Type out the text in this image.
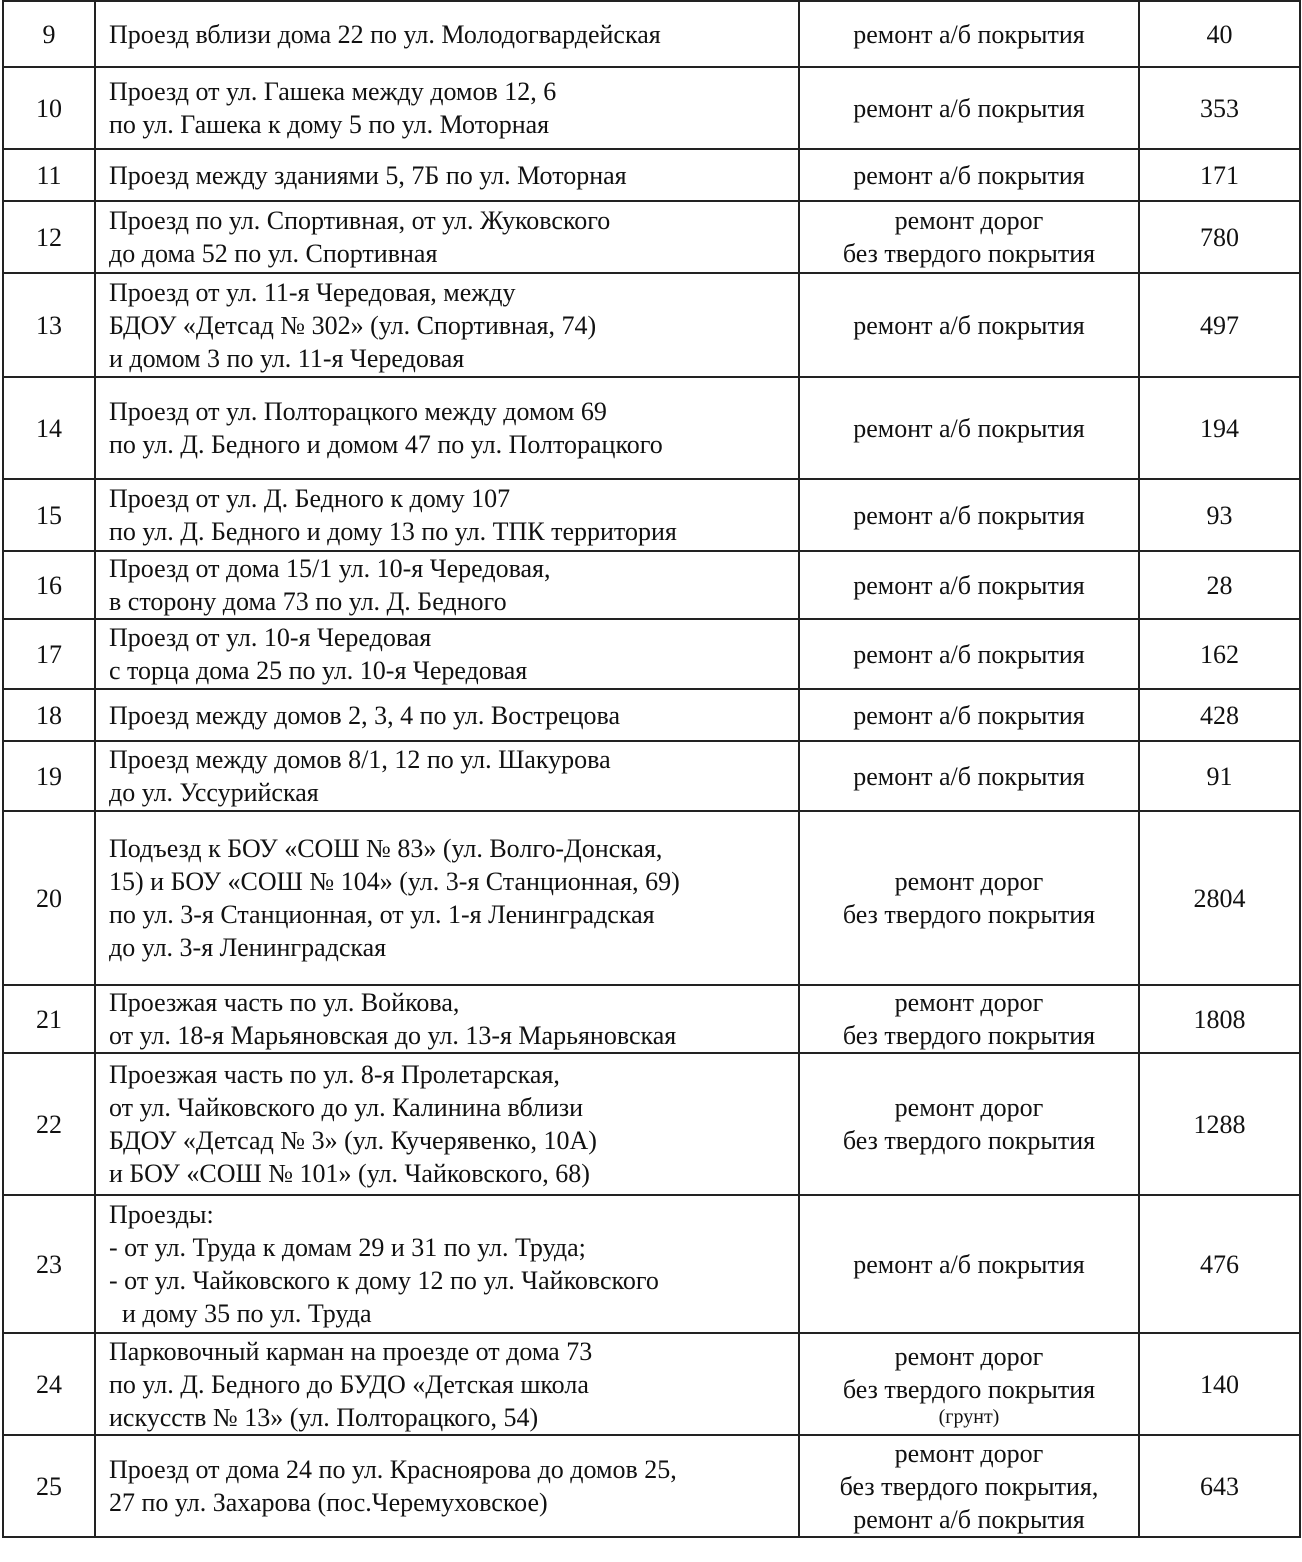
9	Проезд вблизи дома 22 по ул. Молодогвардейская	ремонт а/б покрытия	40
10	Проезд от ул. Гашека между домов 12, 6
по ул. Гашека к дому 5 по ул. Моторная	ремонт а/б покрытия	353
11	Проезд между зданиями 5, 7Б по ул. Моторная	ремонт а/б покрытия	171
12	Проезд по ул. Спортивная, от ул. Жуковского
до дома 52 по ул. Спортивная	ремонт дорог
без твердого покрытия	780
13	Проезд от ул. 11-я Чередовая, между
БДОУ «Детсад № 302» (ул. Спортивная, 74)
и домом 3 по ул. 11-я Чередовая	ремонт а/б покрытия	497
14	Проезд от ул. Полторацкого между домом 69
по ул. Д. Бедного и домом 47 по ул. Полторацкого	ремонт а/б покрытия	194
15	Проезд от ул. Д. Бедного к дому 107
по ул. Д. Бедного и дому 13 по ул. ТПК территория	ремонт а/б покрытия	93
16	Проезд от дома 15/1 ул. 10-я Чередовая,
в сторону дома 73 по ул. Д. Бедного	ремонт а/б покрытия	28
17	Проезд от ул. 10-я Чередовая
с торца дома 25 по ул. 10-я Чередовая	ремонт а/б покрытия	162
18	Проезд между домов 2, 3, 4 по ул. Вострецова	ремонт а/б покрытия	428
19	Проезд между домов 8/1, 12 по ул. Шакурова
до ул. Уссурийская	ремонт а/б покрытия	91
20	Подъезд к БОУ «СОШ № 83» (ул. Волго-Донская,
15) и БОУ «СОШ № 104» (ул. 3-я Станционная, 69)
по ул. 3-я Станционная, от ул. 1-я Ленинградская
до ул. 3-я Ленинградская	ремонт дорог
без твердого покрытия	2804
21	Проезжая часть по ул. Войкова,
от ул. 18-я Марьяновская до ул. 13-я Марьяновская	ремонт дорог
без твердого покрытия	1808
22	Проезжая часть по ул. 8-я Пролетарская,
от ул. Чайковского до ул. Калинина вблизи
БДОУ «Детсад № 3» (ул. Кучерявенко, 10А)
и БОУ «СОШ № 101» (ул. Чайковского, 68)	ремонт дорог
без твердого покрытия	1288
23	Проезды:
- от ул. Труда к домам 29 и 31 по ул. Труда;
- от ул. Чайковского к дому 12 по ул. Чайковского
и дому 35 по ул. Труда	ремонт а/б покрытия	476
24	Парковочный карман на проезде от дома 73
по ул. Д. Бедного до БУДО «Детская школа
искусств № 13» (ул. Полторацкого, 54)	ремонт дорог
без твердого покрытия
(грунт)	140
25	Проезд от дома 24 по ул. Красноярова до домов 25,
27 по ул. Захарова (пос.Черемуховское)	ремонт дорог
без твердого покрытия,
ремонт а/б покрытия	643
